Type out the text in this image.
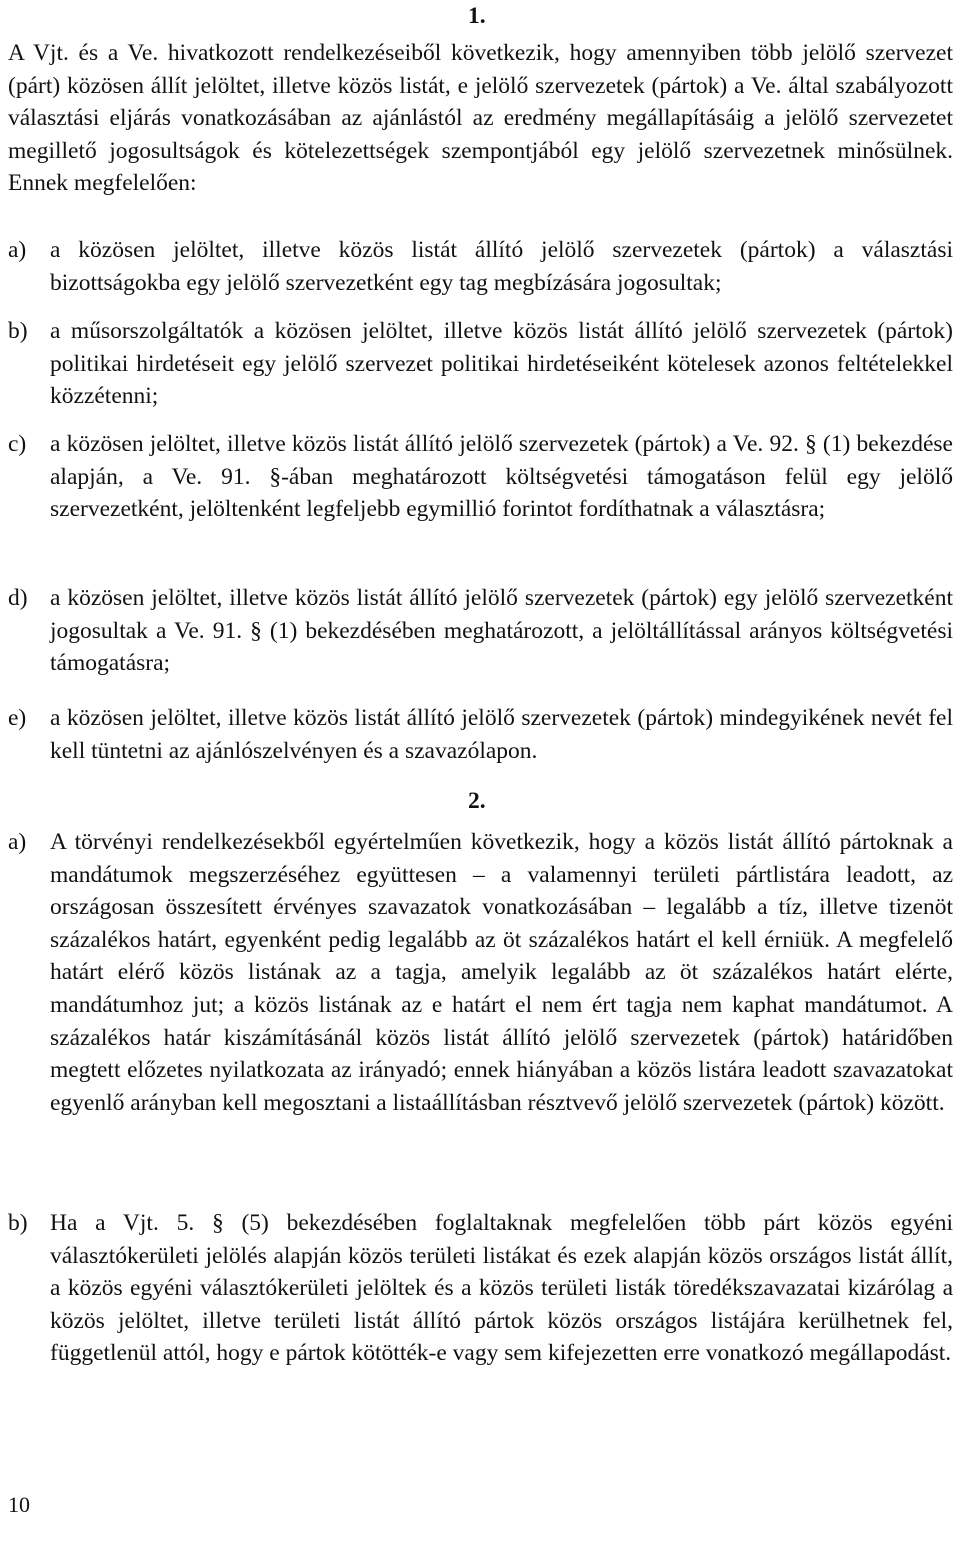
1.
A Vjt. és a Ve. hivatkozott rendelkezéseiből következik, hogy amennyiben több jelölő szervezet (párt) közösen állít jelöltet, illetve közös listát, e jelölő szervezetek (pártok) a Ve. által szabályozott választási eljárás vonatkozásában az ajánlástól az eredmény megállapításáig a jelölő szervezetet megillető jogosultságok és kötelezettségek szempontjából egy jelölő szervezetnek minősülnek. Ennek megfelelően:
a)	a közösen jelöltet, illetve közös listát állító jelölő szervezetek (pártok) a választási bizottságokba egy jelölő szervezetként egy tag megbízására jogosultak;
b) a műsorszolgáltatók a közösen jelöltet, illetve közös listát állító jelölő szervezetek (pártok) politikai hirdetéseit egy jelölő szervezet politikai hirdetéseiként kötelesek azonos feltételekkel közzétenni;
c)	a közösen jelöltet, illetve közös listát állító jelölő szervezetek (pártok) a Ve. 92. § (1) bekezdése alapján, a Ve. 91. §-ában meghatározott költségvetési támogatáson felül egy jelölő szervezetként, jelöltenként legfeljebb egymillió forintot fordíthatnak a választásra;
d) a közösen jelöltet, illetve közös listát állító jelölő szervezetek (pártok) egy jelölő szervezetként jogosultak a Ve. 91. § (1) bekezdésében meghatározott, a jelöltállítással arányos költségvetési támogatásra;
e)	a közösen jelöltet, illetve közös listát állító jelölő szervezetek (pártok) mindegyikének nevét fel kell tüntetni az ajánlószelvényen és a szavazólapon.
2.
a)	A törvényi rendelkezésekből egyértelműen következik, hogy a közös listát állító pártoknak a mandátumok megszerzéséhez együttesen – a valamennyi területi pártlistára leadott, az országosan összesített érvényes szavazatok vonatkozásában – legalább a tíz, illetve tizenöt százalékos határt, egyenként pedig legalább az öt százalékos határt el kell érniük. A megfelelő határt elérő közös listának az a tagja, amelyik legalább az öt százalékos határt elérte, mandátumhoz jut; a közös listának az e határt el nem ért tagja nem kaphat mandátumot. A százalékos határ kiszámításánál közös listát állító jelölő szervezetek (pártok) határidőben megtett előzetes nyilatkozata az irányadó; ennek hiányában a közös listára leadott szavazatokat egyenlő arányban kell megosztani a listaállításban résztvevő jelölő szervezetek (pártok) között.
b) Ha a Vjt. 5. § (5) bekezdésében foglaltaknak megfelelően több párt közös egyéni választókerületi jelölés alapján közös területi listákat és ezek alapján közös országos listát állít, a közös egyéni választókerületi jelöltek és a közös területi listák töredékszavazatai kizárólag a közös jelöltet, illetve területi listát állító pártok közös országos listájára kerülhetnek fel, függetlenül attól, hogy e pártok kötötték-e vagy sem kifejezetten erre vonatkozó megállapodást.
10
